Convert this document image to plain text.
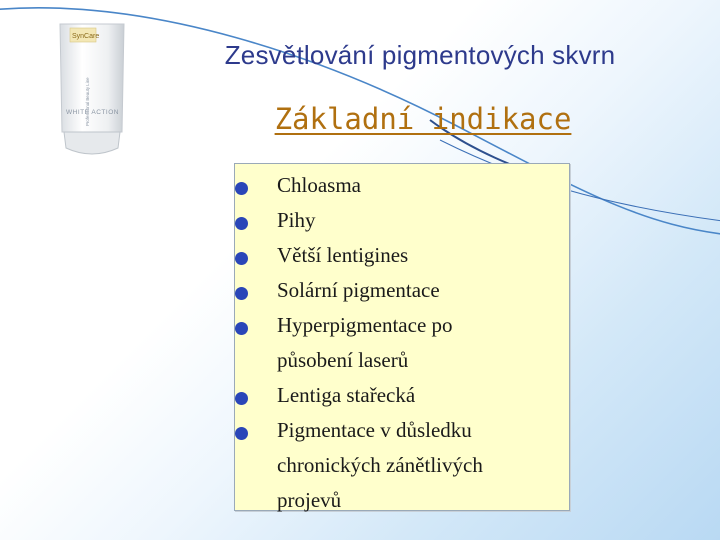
SynCare
Professional Beauty Line
WHITE ACTION
Zesvětlování pigmentových skvrn
Základní indikace
Chloasma
Pihy
Větší lentigines
Solární pigmentace
Hyperpigmentace po
působení laserů
Lentiga stařecká
Pigmentace v důsledku
chronických zánětlivých
projevů
